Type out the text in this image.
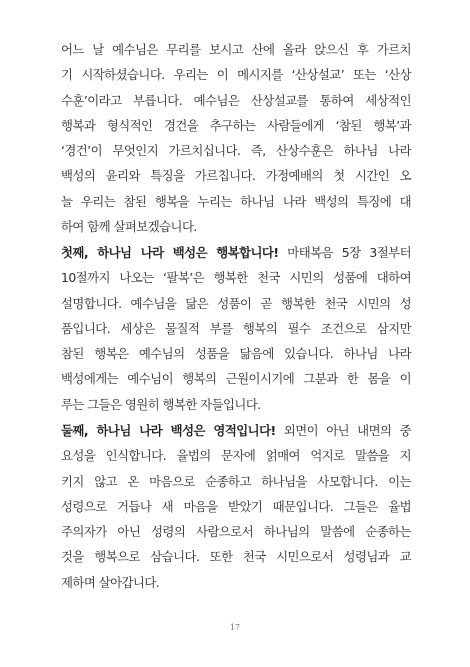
어느 날 예수님은 무리를 보시고 산에 올라 앉으신 후 가르치
기 시작하셨습니다. 우리는 이 메시지를 ‘산상설교’ 또는 ‘산상
수훈’이라고 부릅니다. 예수님은 산상설교를 통하여 세상적인
행복과 형식적인 경건을 추구하는 사람들에게 ‘참된 행복’과
‘경건’이 무엇인지 가르치십니다. 즉, 산상수훈은 하나님 나라
백성의 윤리와 특징을 가르칩니다. 가정예배의 첫 시간인 오
늘 우리는 참된 행복을 누리는 하나님 나라 백성의 특징에 대
하여 함께 살펴보겠습니다.

첫째, 하나님 나라 백성은 행복합니다! 마태복음 5장 3절부터
10절까지 나오는 ‘팔복’은 행복한 천국 시민의 성품에 대하여
설명합니다. 예수님을 닮은 성품이 곧 행복한 천국 시민의 성
품입니다. 세상은 물질적 부를 행복의 필수 조건으로 삼지만
참된 행복은 예수님의 성품을 닮음에 있습니다. 하나님 나라
백성에게는 예수님이 행복의 근원이시기에 그분과 한 몸을 이
루는 그들은 영원히 행복한 자들입니다.

둘째, 하나님 나라 백성은 영적입니다! 외면이 아닌 내면의 중
요성을 인식합니다. 율법의 문자에 얽매여 억지로 말씀을 지
키지 않고 온 마음으로 순종하고 하나님을 사모합니다. 이는
성령으로 거듭나 새 마음을 받았기 때문입니다. 그들은 율법
주의자가 아닌 성령의 사람으로서 하나님의 말씀에 순종하는
것을 행복으로 삼습니다. 또한 천국 시민으로서 성령님과 교
제하며 살아갑니다.

17
